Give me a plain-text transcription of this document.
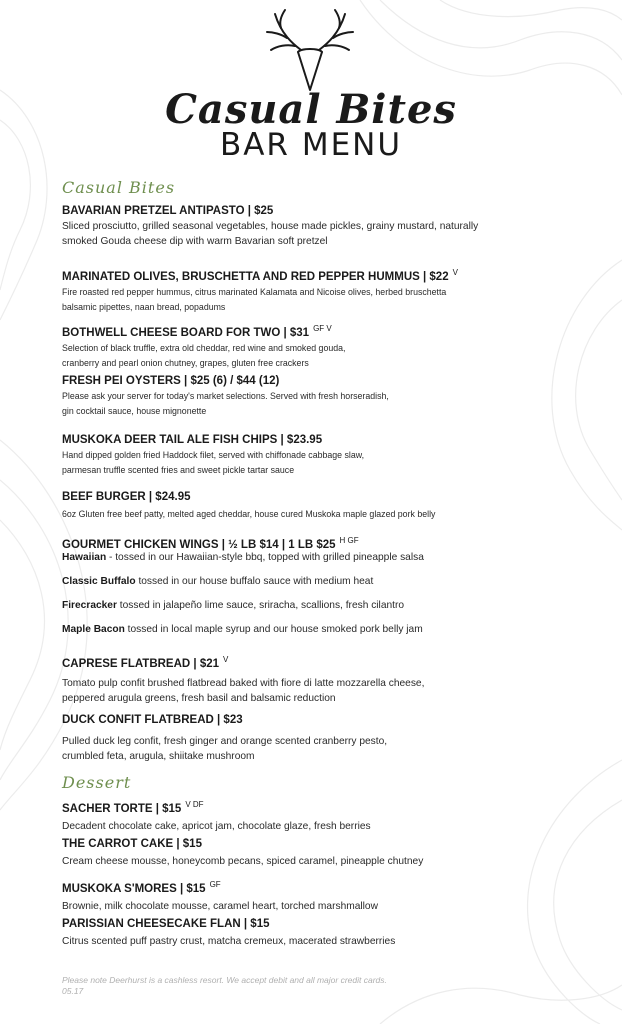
Casual Bites
BAR MENU
Casual Bites
BAVARIAN PRETZEL ANTIPASTO | $25
Sliced prosciutto, grilled seasonal vegetables, house made pickles, grainy mustard, naturally
smoked Gouda cheese dip with warm Bavarian soft pretzel
MARINATED OLIVES, BRUSCHETTA AND RED PEPPER HUMMUS | $22 $^V$
Fire roasted red pepper hummus, citrus marinated Kalamata and Nicoise olives, herbed bruschetta
balsamic pipettes, naan bread, popadums
BOTHWELL CHEESE BOARD FOR TWO | $31 $^{GF V}$
Selection of black truffle, extra old cheddar, red wine and smoked gouda,
cranberry and pearl onion chutney, grapes, gluten free crackers
FRESH PEI OYSTERS | $25 (6) / $44 (12)
Please ask your server for today's market selections. Served with fresh horseradish,
gin cocktail sauce, house mignonette
MUSKOKA DEER TAIL ALE FISH CHIPS | $23.95
Hand dipped golden fried Haddock filet, served with chiffonade cabbage slaw,
parmesan truffle scented fries and sweet pickle tartar sauce
BEEF BURGER | $24.95
6oz Gluten free beef patty, melted aged cheddar, house cured Muskoka maple glazed pork belly
GOURMET CHICKEN WINGS | ½ LB $14 | 1 LB $25 $^{H GF}$
Hawaiian - tossed in our Hawaiian-style bbq, topped with grilled pineapple salsa
Classic Buffalo tossed in our house buffalo sauce with medium heat
Firecracker tossed in jalapeño lime sauce, sriracha, scallions, fresh cilantro
Maple Bacon tossed in local maple syrup and our house smoked pork belly jam
CAPRESE FLATBREAD | $21 $^V$
Tomato pulp confit brushed flatbread baked with fiore di latte mozzarella cheese,
peppered arugula greens, fresh basil and balsamic reduction
DUCK CONFIT FLATBREAD | $23
Pulled duck leg confit, fresh ginger and orange scented cranberry pesto,
crumbled feta, arugula, shiitake mushroom
Dessert
SACHER TORTE | $15 $^{V DF}$
Decadent chocolate cake, apricot jam, chocolate glaze, fresh berries
THE CARROT CAKE | $15
Cream cheese mousse, honeycomb pecans, spiced caramel, pineapple chutney
MUSKOKA S'MORES | $15 $^{GF}$
Brownie, milk chocolate mousse, caramel heart, torched marshmallow
PARISSIAN CHEESECAKE FLAN | $15
Citrus scented puff pastry crust, matcha cremeux, macerated strawberries
Please note Deerhurst is a cashless resort. We accept debit and all major credit cards.
05.17
